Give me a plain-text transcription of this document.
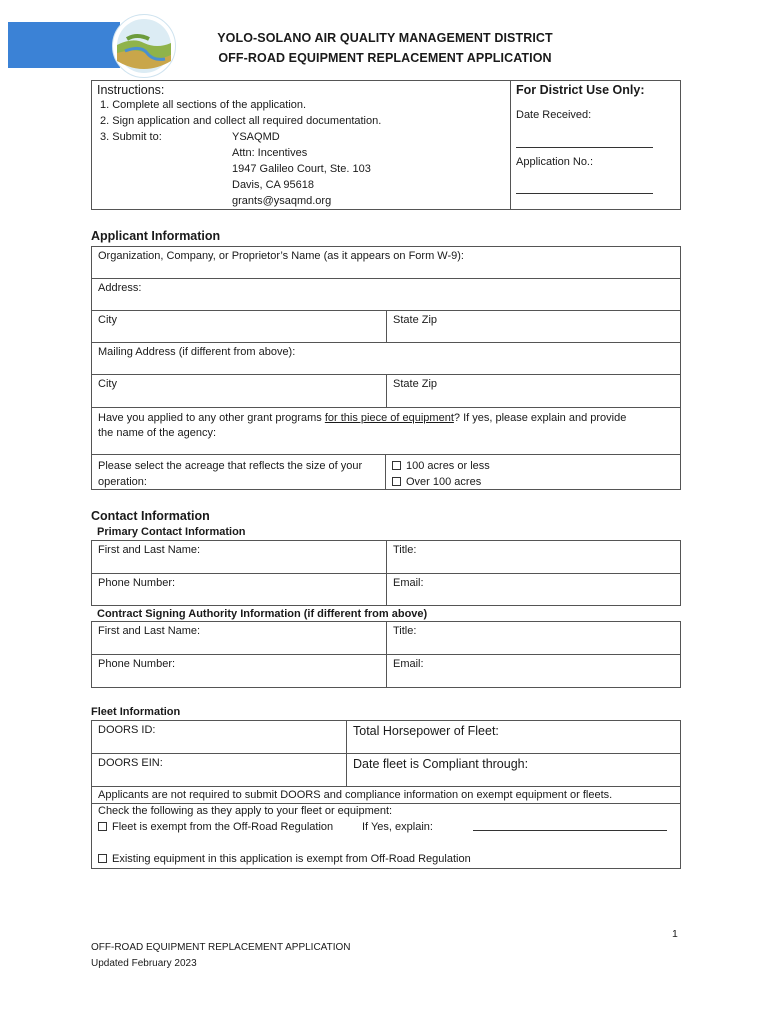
YOLO-SOLANO AIR QUALITY MANAGEMENT DISTRICT
OFF-ROAD EQUIPMENT REPLACEMENT APPLICATION
Instructions:
1. Complete all sections of the application.
2. Sign application and collect all required documentation.
3. Submit to:	YSAQMD
Attn: Incentives
1947 Galileo Court, Ste. 103
Davis, CA 95618
grants@ysaqmd.org
For District Use Only:
Date Received:
Application No.:
Applicant Information
Organization, Company, or Proprietor’s Name (as it appears on Form W-9):
Address:
City	State Zip
Mailing Address (if different from above):
City	State Zip
Have you applied to any other grant programs for this piece of equipment? If yes, please explain and provide
the name of the agency:
Please select the acreage that reflects the size of your
operation:
100 acres or less
Over 100 acres
Contact Information
Primary Contact Information
First and Last Name:	Title:
Phone Number:	Email:
Contract Signing Authority Information (if different from above)
First and Last Name:	Title:
Phone Number:	Email:
Fleet Information
DOORS ID:	Total Horsepower of Fleet:
DOORS EIN:	Date fleet is Compliant through:
Applicants are not required to submit DOORS and compliance information on exempt equipment or fleets.
Check the following as they apply to your fleet or equipment:
Fleet is exempt from the Off-Road Regulation	If Yes, explain:
Existing equipment in this application is exempt from Off-Road Regulation
1
OFF-ROAD EQUIPMENT REPLACEMENT APPLICATION
Updated February 2023
